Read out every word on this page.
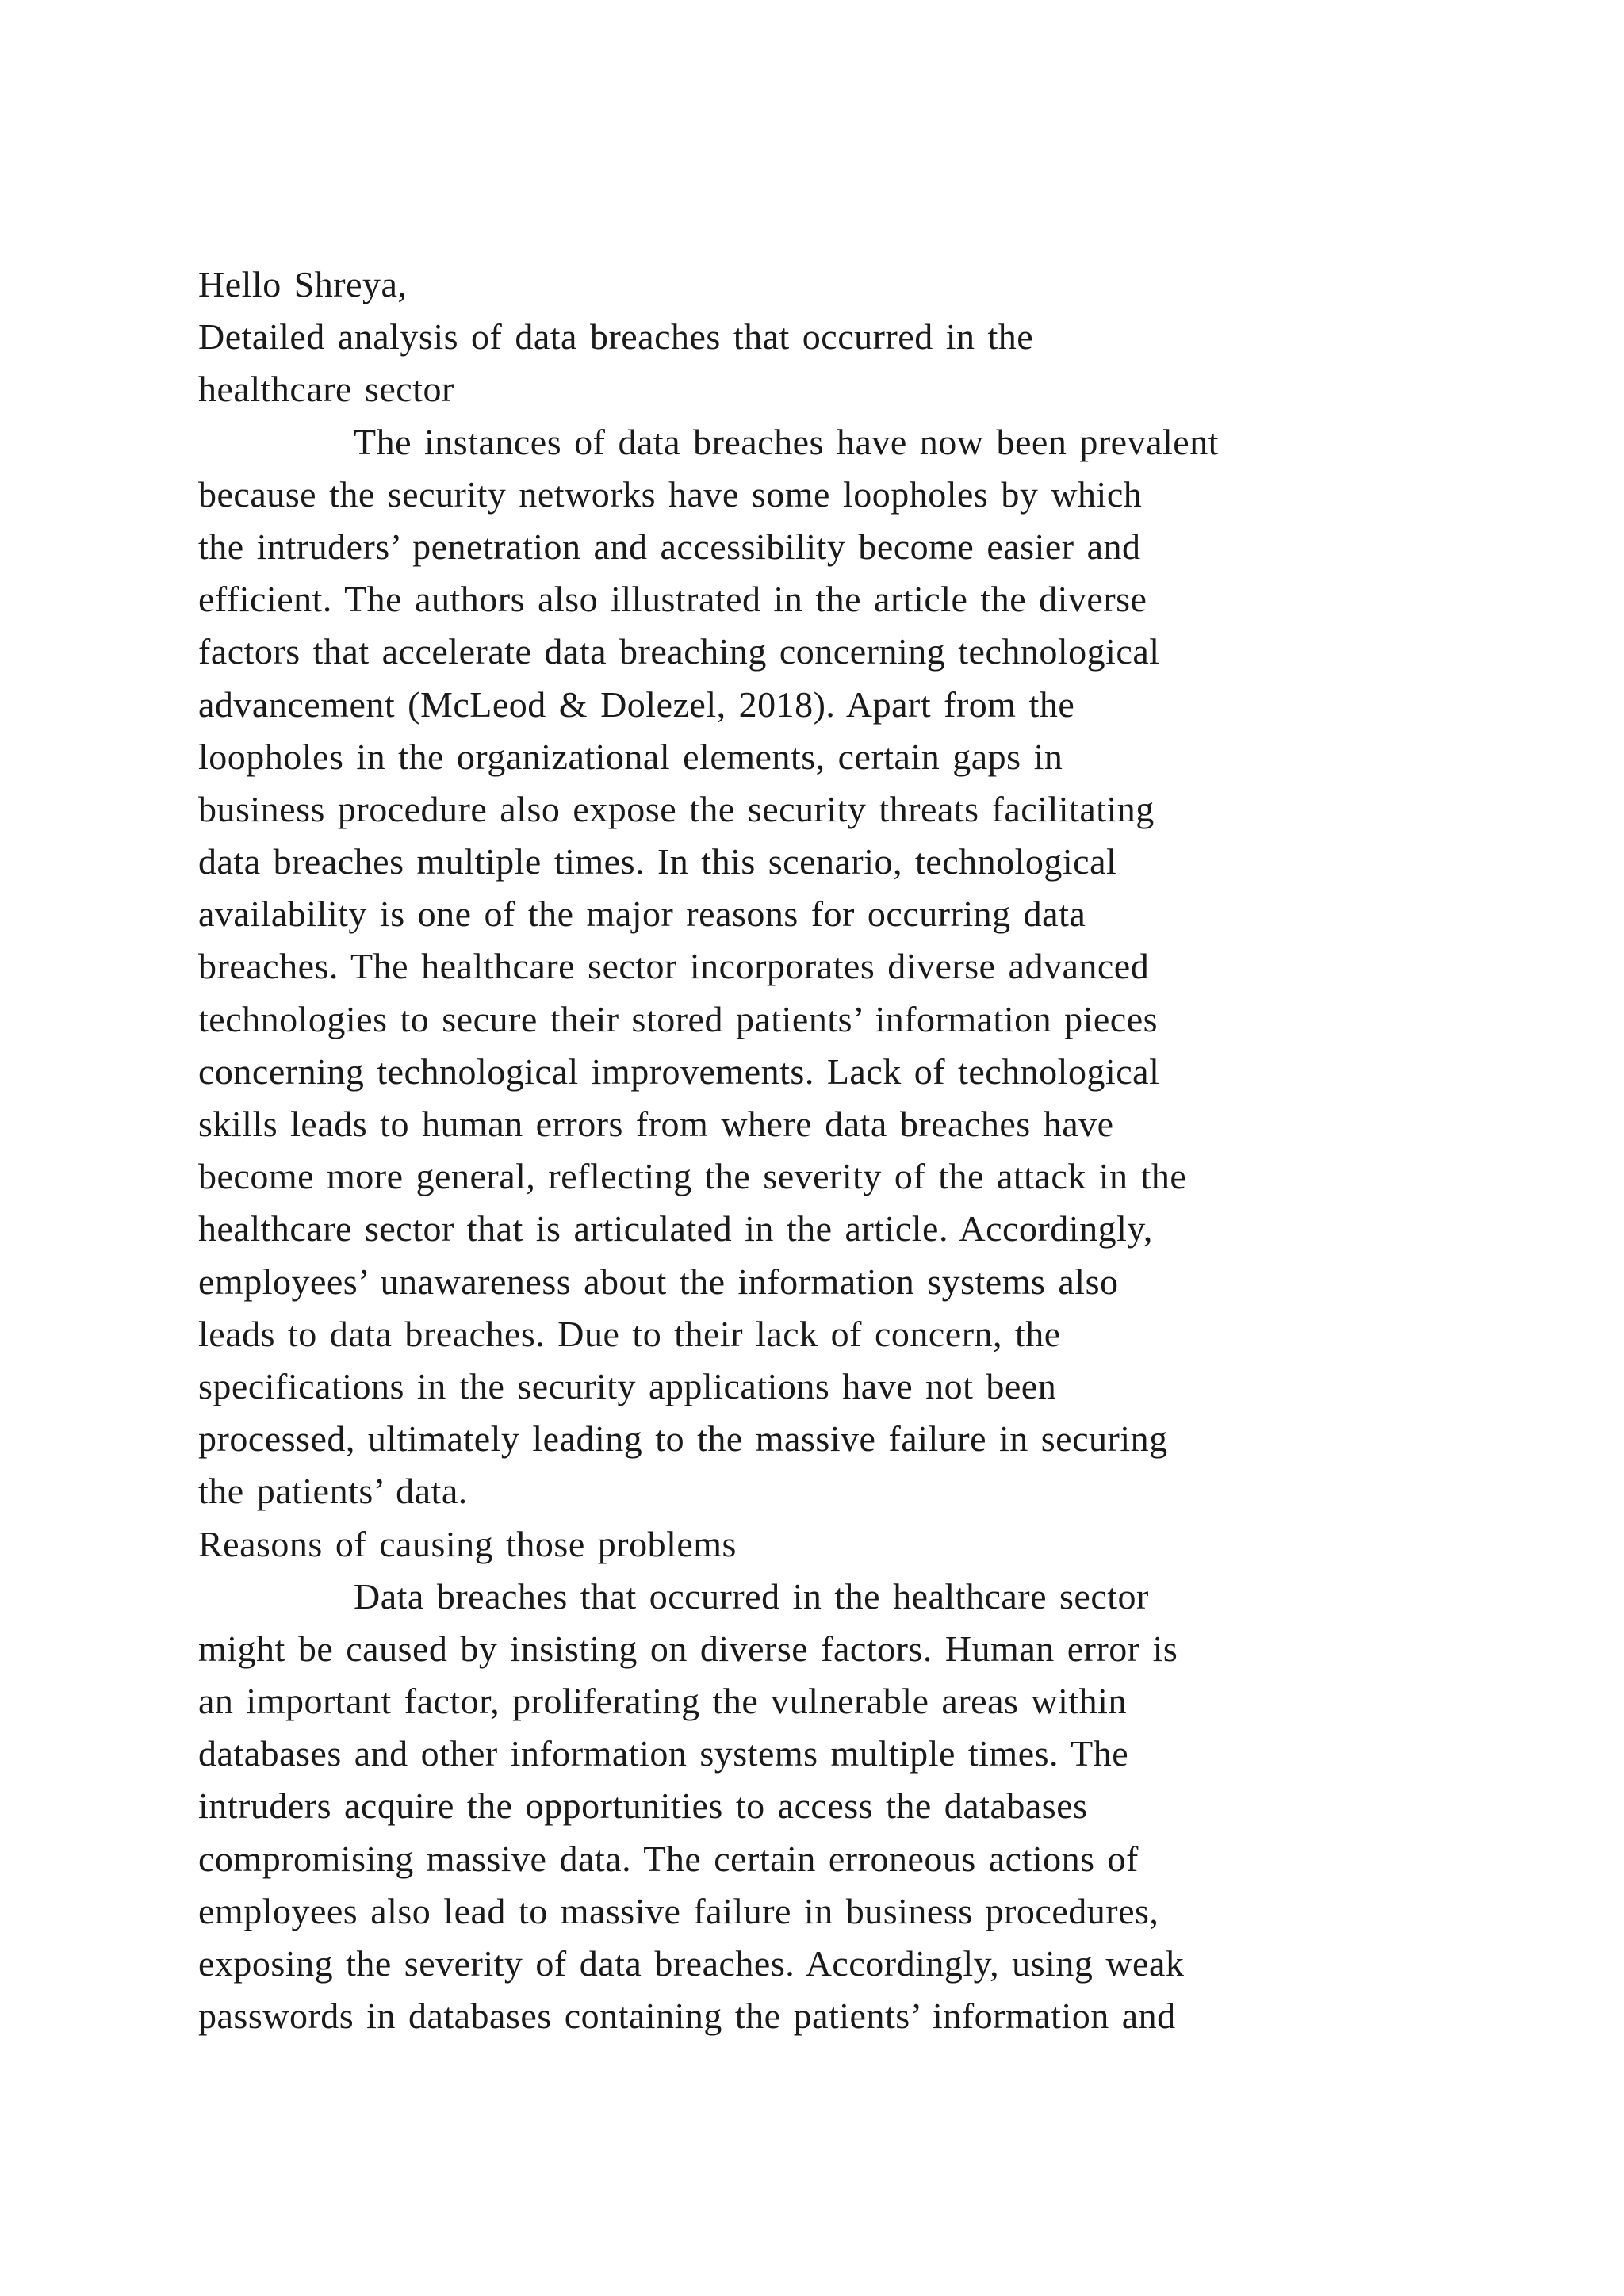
Hello Shreya,
Detailed analysis of data breaches that occurred in the
healthcare sector
The instances of data breaches have now been prevalent
because the security networks have some loopholes by which
the intruders’ penetration and accessibility become easier and
efficient. The authors also illustrated in the article the diverse
factors that accelerate data breaching concerning technological
advancement (McLeod & Dolezel, 2018). Apart from the
loopholes in the organizational elements, certain gaps in
business procedure also expose the security threats facilitating
data breaches multiple times. In this scenario, technological
availability is one of the major reasons for occurring data
breaches. The healthcare sector incorporates diverse advanced
technologies to secure their stored patients’ information pieces
concerning technological improvements. Lack of technological
skills leads to human errors from where data breaches have
become more general, reflecting the severity of the attack in the
healthcare sector that is articulated in the article. Accordingly,
employees’ unawareness about the information systems also
leads to data breaches. Due to their lack of concern, the
specifications in the security applications have not been
processed, ultimately leading to the massive failure in securing
the patients’ data.
Reasons of causing those problems
Data breaches that occurred in the healthcare sector
might be caused by insisting on diverse factors. Human error is
an important factor, proliferating the vulnerable areas within
databases and other information systems multiple times. The
intruders acquire the opportunities to access the databases
compromising massive data. The certain erroneous actions of
employees also lead to massive failure in business procedures,
exposing the severity of data breaches. Accordingly, using weak
passwords in databases containing the patients’ information and
